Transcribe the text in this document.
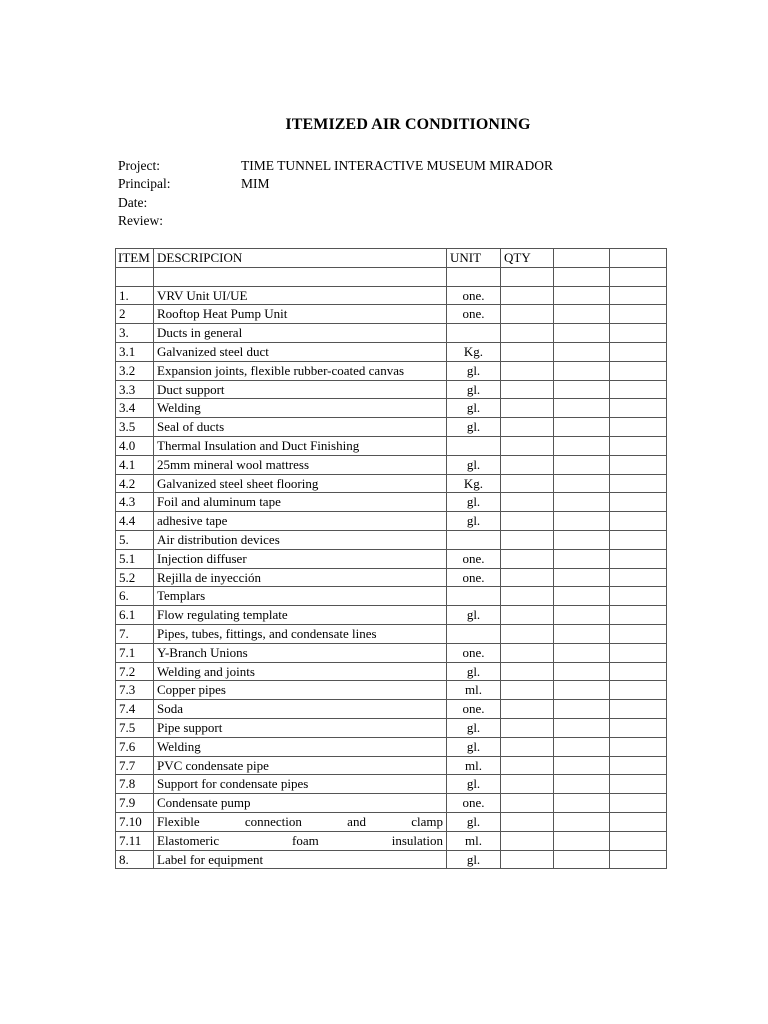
ITEMIZED AIR CONDITIONING
Project:	TIME TUNNEL INTERACTIVE MUSEUM MIRADOR
Principal:	MIM
Date:
Review:
ITEM	DESCRIPCION	UNIT	QTY		

1.	VRV Unit UI/UE	one.			
2	Rooftop Heat Pump Unit	one.			
3.	Ducts in general				
3.1	Galvanized steel duct	Kg.			
3.2	Expansion joints, flexible rubber-coated canvas	gl.			
3.3	Duct support	gl.			
3.4	Welding	gl.			
3.5	Seal of ducts	gl.			
4.0	Thermal Insulation and Duct Finishing				
4.1	25mm mineral wool mattress	gl.			
4.2	Galvanized steel sheet flooring	Kg.			
4.3	Foil and aluminum tape	gl.			
4.4	adhesive tape	gl.			
5.	Air distribution devices				
5.1	Injection diffuser	one.			
5.2	Rejilla de inyección	one.			
6.	Templars				
6.1	Flow regulating template	gl.			
7.	Pipes, tubes, fittings, and condensate lines				
7.1	Y-Branch Unions	one.			
7.2	Welding and joints	gl.			
7.3	Copper pipes	ml.			
7.4	Soda	one.			
7.5	Pipe support	gl.			
7.6	Welding	gl.			
7.7	PVC condensate pipe	ml.			
7.8	Support for condensate pipes	gl.			
7.9	Condensate pump	one.			
7.10	Flexible connection and clamp	gl.			
7.11	Elastomeric foam insulation	ml.			
8.	Label for equipment	gl.			
